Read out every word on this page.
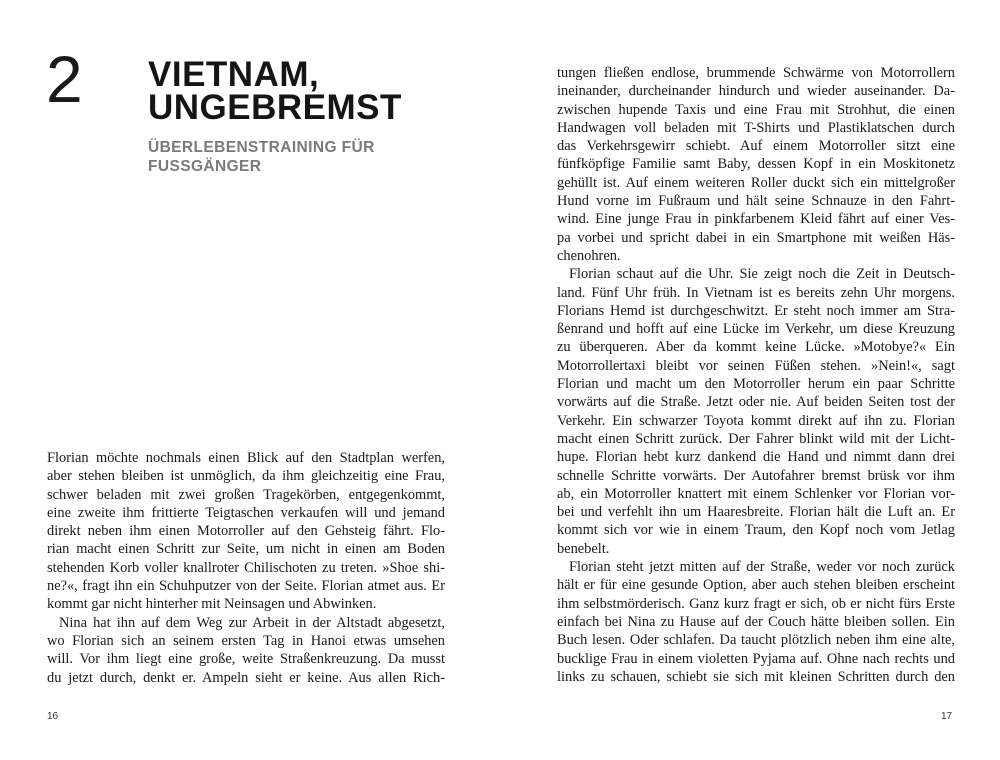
2 VIETNAM,
UNGEBREMST
ÜBERLEBENSTRAINING FÜR
FUSSGÄNGER
Florian möchte nochmals einen Blick auf den Stadtplan werfen,
aber stehen bleiben ist unmöglich, da ihm gleichzeitig eine Frau,
schwer beladen mit zwei großen Tragekörben, entgegenkommt,
eine zweite ihm frittierte Teigtaschen verkaufen will und jemand
direkt neben ihm einen Motorroller auf den Gehsteig fährt. Flo-
rian macht einen Schritt zur Seite, um nicht in einen am Boden
stehenden Korb voller knallroter Chilischoten zu treten. »Shoe shi-
ne?«, fragt ihn ein Schuhputzer von der Seite. Florian atmet aus. Er
kommt gar nicht hinterher mit Neinsagen und Abwinken.
Nina hat ihn auf dem Weg zur Arbeit in der Altstadt abgesetzt,
wo Florian sich an seinem ersten Tag in Hanoi etwas umsehen
will. Vor ihm liegt eine große, weite Straßenkreuzung. Da musst
du jetzt durch, denkt er. Ampeln sieht er keine. Aus allen Rich-
16	17
tungen fließen endlose, brummende Schwärme von Motorrollern
ineinander, durcheinander hindurch und wieder auseinander. Da-
zwischen hupende Taxis und eine Frau mit Strohhut, die einen
Handwagen voll beladen mit T-Shirts und Plastiklatschen durch
das Verkehrsgewirr schiebt. Auf einem Motorroller sitzt eine
fünfköpfige Familie samt Baby, dessen Kopf in ein Moskitonetz
gehüllt ist. Auf einem weiteren Roller duckt sich ein mittelgroßer
Hund vorne im Fußraum und hält seine Schnauze in den Fahrt-
wind. Eine junge Frau in pinkfarbenem Kleid fährt auf einer Ves-
pa vorbei und spricht dabei in ein Smartphone mit weißen Häs-
chenohren.
Florian schaut auf die Uhr. Sie zeigt noch die Zeit in Deutsch-
land. Fünf Uhr früh. In Vietnam ist es bereits zehn Uhr morgens.
Florians Hemd ist durchgeschwitzt. Er steht noch immer am Stra-
ßenrand und hofft auf eine Lücke im Verkehr, um diese Kreuzung
zu überqueren. Aber da kommt keine Lücke. »Motobye?« Ein
Motorrollertaxi bleibt vor seinen Füßen stehen. »Nein!«, sagt
Florian und macht um den Motorroller herum ein paar Schritte
vorwärts auf die Straße. Jetzt oder nie. Auf beiden Seiten tost der
Verkehr. Ein schwarzer Toyota kommt direkt auf ihn zu. Florian
macht einen Schritt zurück. Der Fahrer blinkt wild mit der Licht-
hupe. Florian hebt kurz dankend die Hand und nimmt dann drei
schnelle Schritte vorwärts. Der Autofahrer bremst brüsk vor ihm
ab, ein Motorroller knattert mit einem Schlenker vor Florian vor-
bei und verfehlt ihn um Haaresbreite. Florian hält die Luft an. Er
kommt sich vor wie in einem Traum, den Kopf noch vom Jetlag
benebelt.
Florian steht jetzt mitten auf der Straße, weder vor noch zurück
hält er für eine gesunde Option, aber auch stehen bleiben erscheint
ihm selbstmörderisch. Ganz kurz fragt er sich, ob er nicht fürs Erste
einfach bei Nina zu Hause auf der Couch hätte bleiben sollen. Ein
Buch lesen. Oder schlafen. Da taucht plötzlich neben ihm eine alte,
bucklige Frau in einem violetten Pyjama auf. Ohne nach rechts und
links zu schauen, schiebt sie sich mit kleinen Schritten durch den
